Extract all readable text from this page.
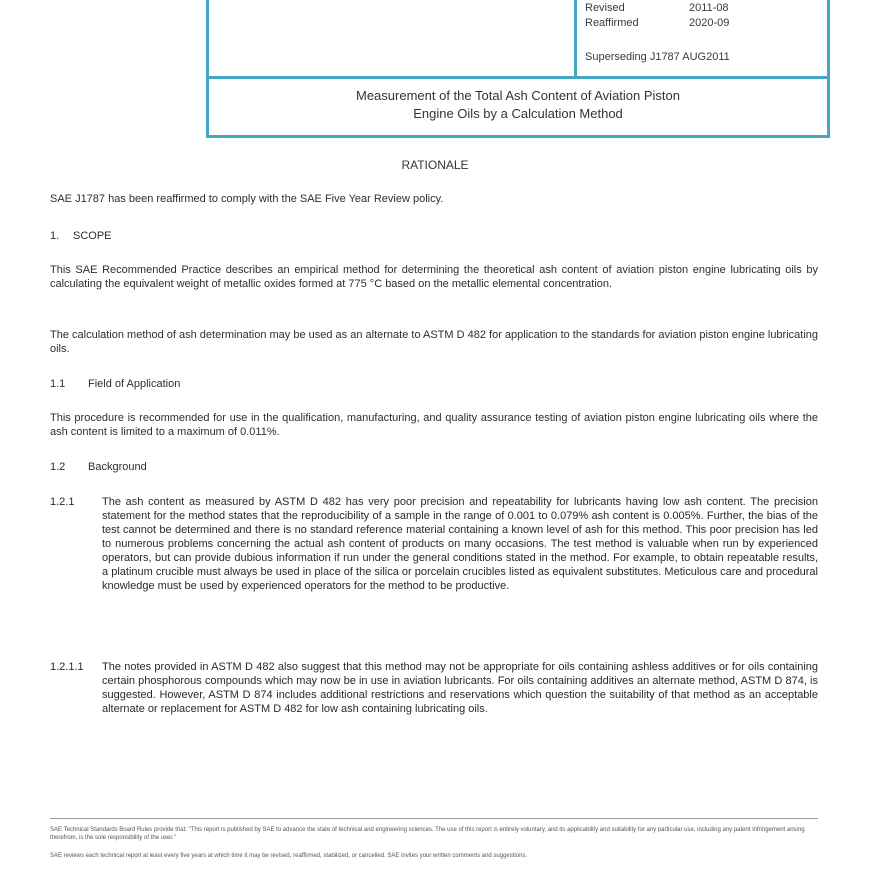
Revised	2011-08
Reaffirmed	2020-09
Superseding J1787 AUG2011
Measurement of the Total Ash Content of Aviation Piston
Engine Oils by a Calculation Method
RATIONALE
SAE J1787 has been reaffirmed to comply with the SAE Five Year Review policy.
1.	SCOPE
This SAE Recommended Practice describes an empirical method for determining the theoretical ash content of aviation piston engine lubricating oils by calculating the equivalent weight of metallic oxides formed at 775 °C based on the metallic elemental concentration.
The calculation method of ash determination may be used as an alternate to ASTM D 482 for application to the standards for aviation piston engine lubricating oils.
1.1	Field of Application
This procedure is recommended for use in the qualification, manufacturing, and quality assurance testing of aviation piston engine lubricating oils where the ash content is limited to a maximum of 0.011%.
1.2	Background
1.2.1	The ash content as measured by ASTM D 482 has very poor precision and repeatability for lubricants having low ash content. The precision statement for the method states that the reproducibility of a sample in the range of 0.001 to 0.079% ash content is 0.005%. Further, the bias of the test cannot be determined and there is no standard reference material containing a known level of ash for this method. This poor precision has led to numerous problems concerning the actual ash content of products on many occasions. The test method is valuable when run by experienced operators, but can provide dubious information if run under the general conditions stated in the method. For example, to obtain repeatable results, a platinum crucible must always be used in place of the silica or porcelain crucibles listed as equivalent substitutes. Meticulous care and procedural knowledge must be used by experienced operators for the method to be productive.
1.2.1.1	The notes provided in ASTM D 482 also suggest that this method may not be appropriate for oils containing ashless additives or for oils containing certain phosphorous compounds which may now be in use in aviation lubricants. For oils containing additives an alternate method, ASTM D 874, is suggested. However, ASTM D 874 includes additional restrictions and reservations which question the suitability of that method as an acceptable alternate or replacement for ASTM D 482 for low ash containing lubricating oils.
SAE Technical Standards Board Rules provide that: "This report is published by SAE to advance the state of technical and engineering sciences. The use of this report is entirely voluntary, and its applicability and suitability for any particular use, including any patent infringement arising therefrom, is the sole responsibility of the user."
SAE reviews each technical report at least every five years at which time it may be revised, reaffirmed, stabilized, or cancelled. SAE invites your written comments and suggestions.
